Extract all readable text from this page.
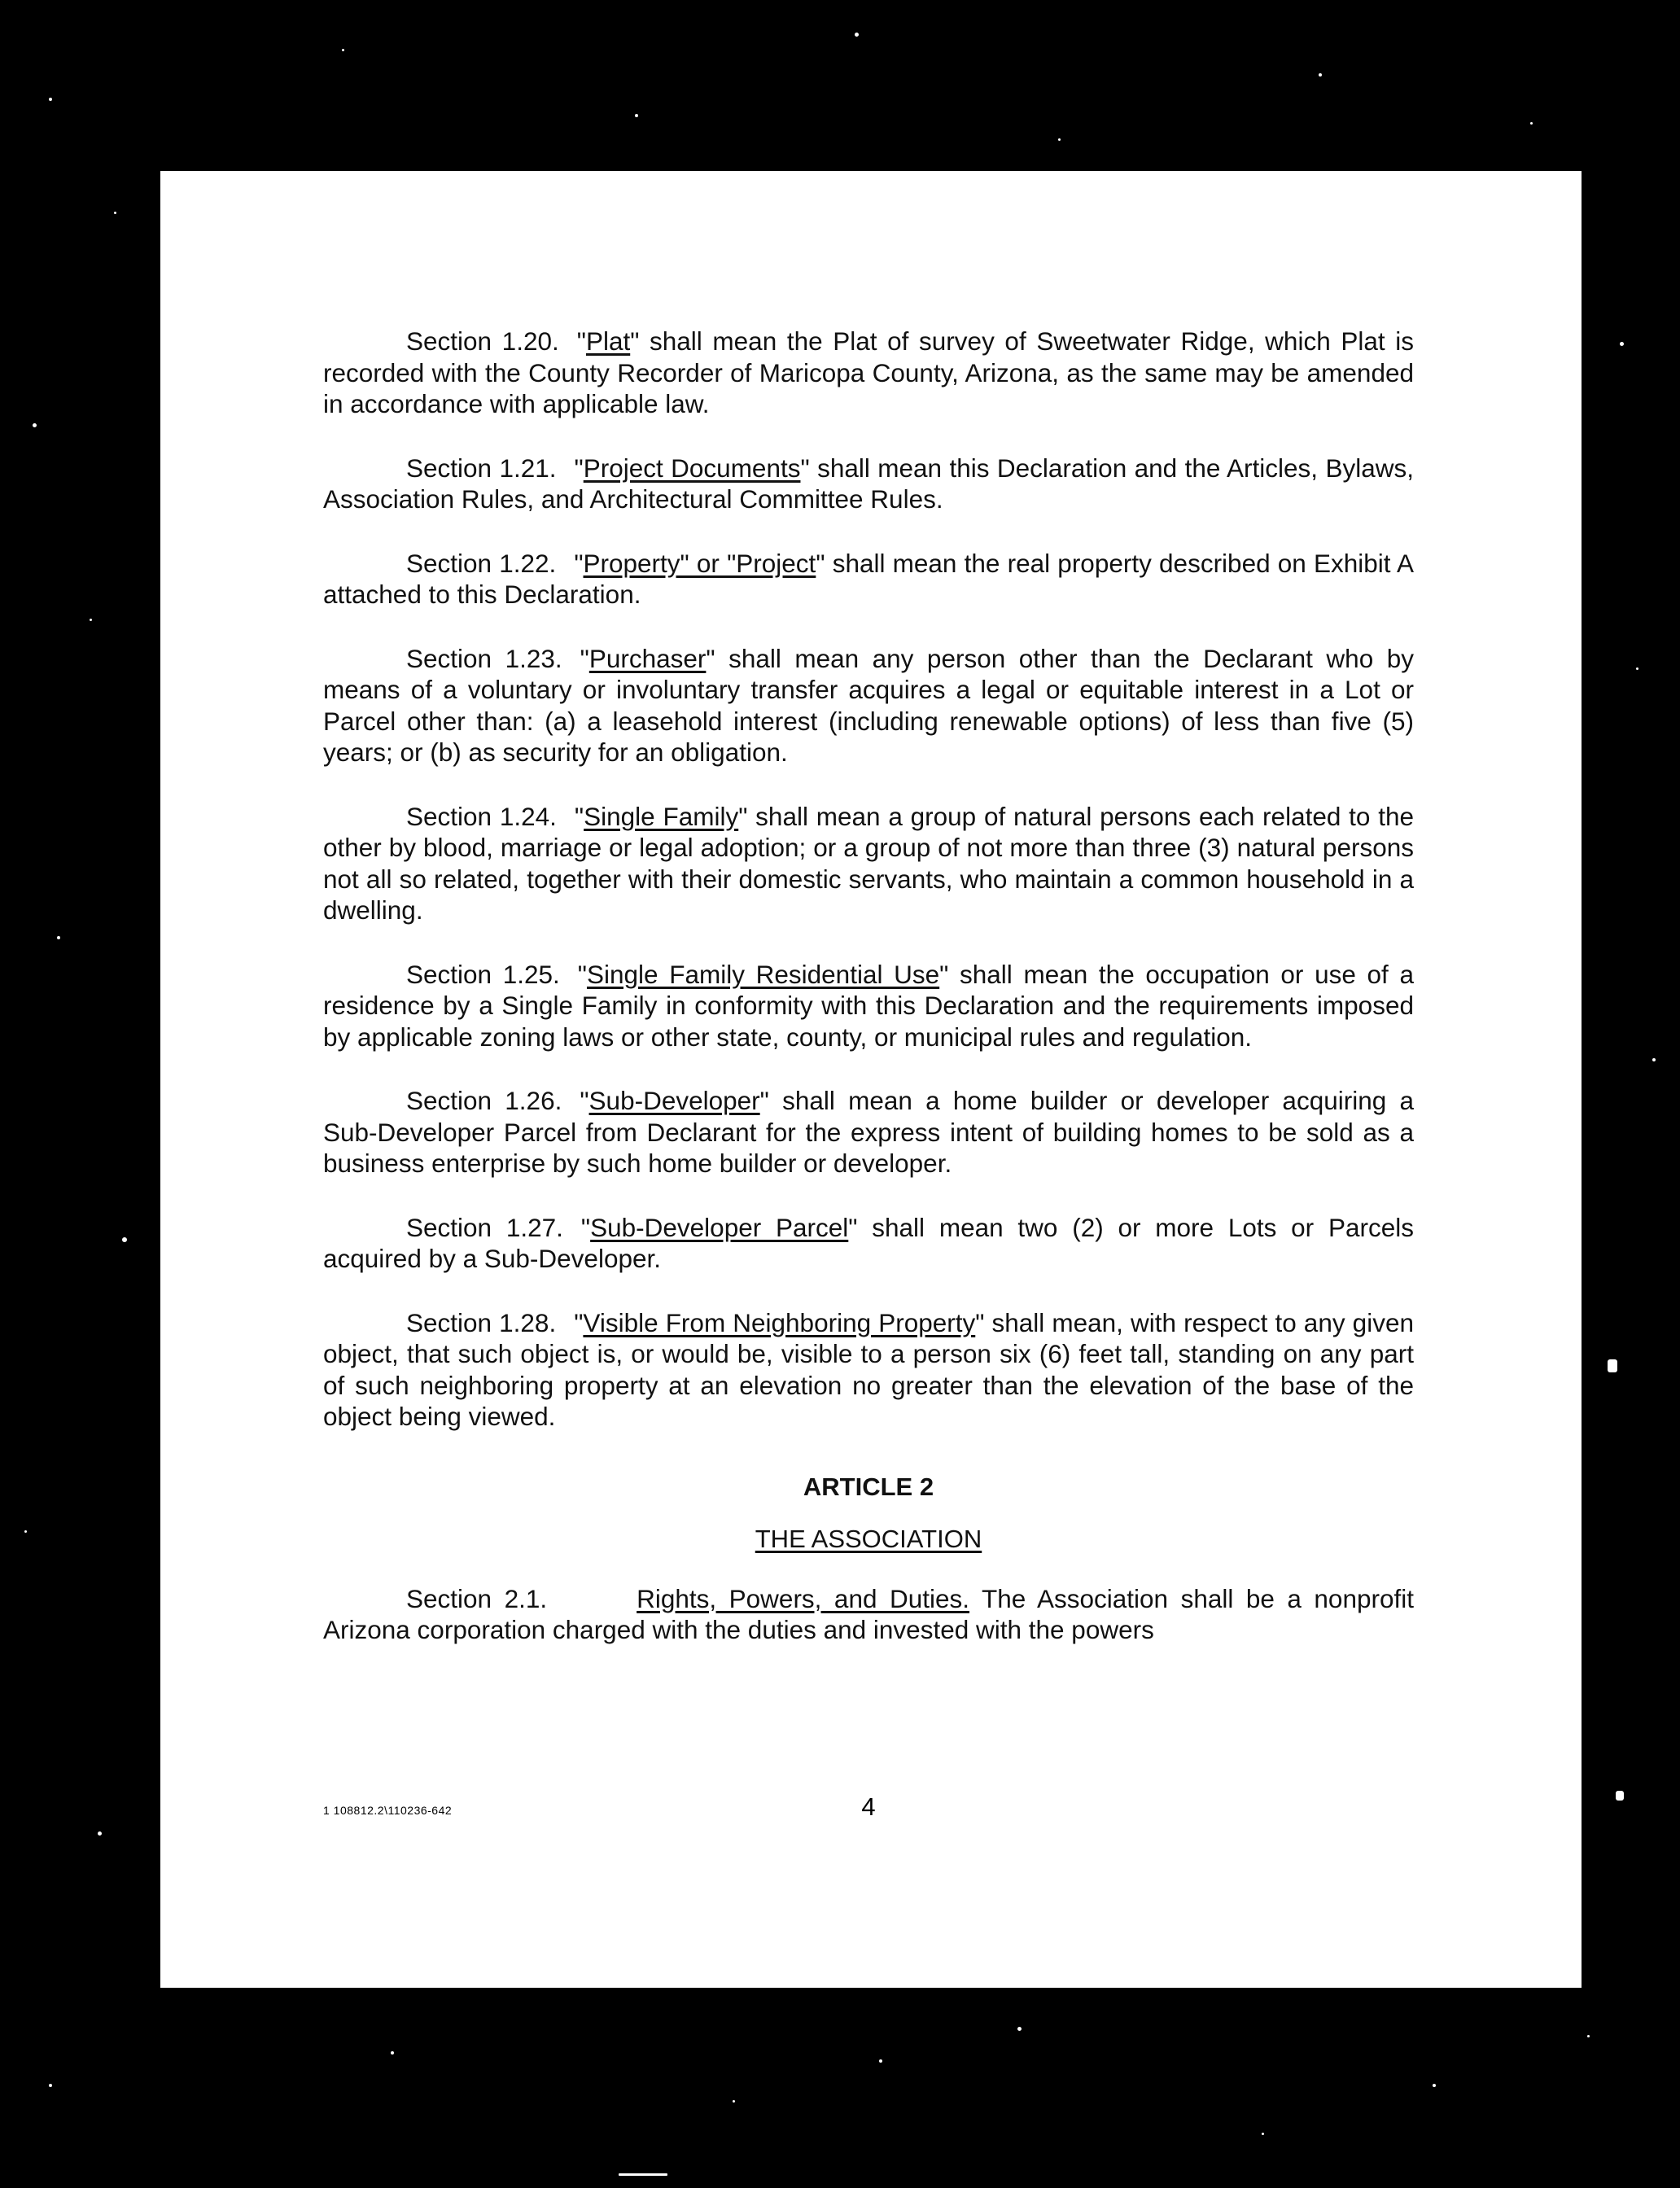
Section 1.20. "Plat" shall mean the Plat of survey of Sweetwater Ridge, which Plat is recorded with the County Recorder of Maricopa County, Arizona, as the same may be amended in accordance with applicable law.

Section 1.21. "Project Documents" shall mean this Declaration and the Articles, Bylaws, Association Rules, and Architectural Committee Rules.

Section 1.22. "Property" or "Project" shall mean the real property described on Exhibit A attached to this Declaration.

Section 1.23. "Purchaser" shall mean any person other than the Declarant who by means of a voluntary or involuntary transfer acquires a legal or equitable interest in a Lot or Parcel other than: (a) a leasehold interest (including renewable options) of less than five (5) years; or (b) as security for an obligation.

Section 1.24. "Single Family" shall mean a group of natural persons each related to the other by blood, marriage or legal adoption; or a group of not more than three (3) natural persons not all so related, together with their domestic servants, who maintain a common household in a dwelling.

Section 1.25. "Single Family Residential Use" shall mean the occupation or use of a residence by a Single Family in conformity with this Declaration and the requirements imposed by applicable zoning laws or other state, county, or municipal rules and regulation.

Section 1.26. "Sub-Developer" shall mean a home builder or developer acquiring a Sub-Developer Parcel from Declarant for the express intent of building homes to be sold as a business enterprise by such home builder or developer.

Section 1.27. "Sub-Developer Parcel" shall mean two (2) or more Lots or Parcels acquired by a Sub-Developer.

Section 1.28. "Visible From Neighboring Property" shall mean, with respect to any given object, that such object is, or would be, visible to a person six (6) feet tall, standing on any part of such neighboring property at an elevation no greater than the elevation of the base of the object being viewed.

ARTICLE 2
THE ASSOCIATION

Section 2.1.	Rights, Powers, and Duties. The Association shall be a nonprofit Arizona corporation charged with the duties and invested with the powers

1 108812.2\110236-642	4
